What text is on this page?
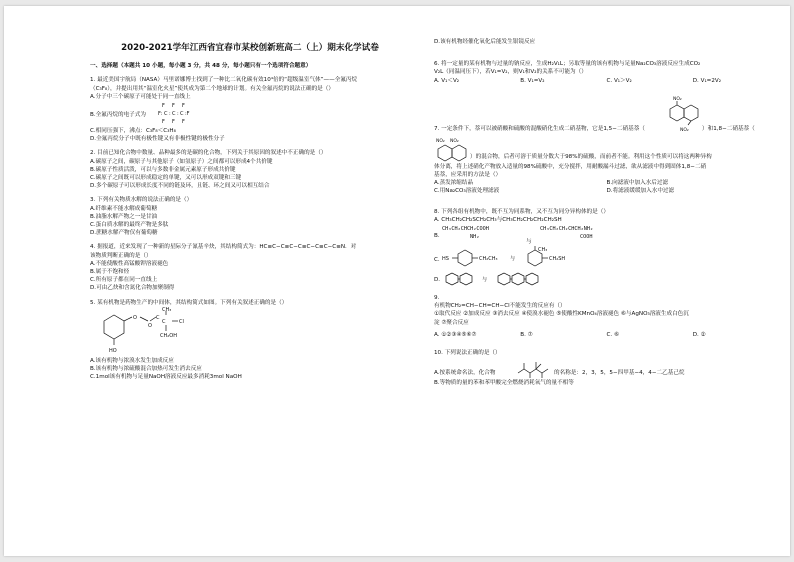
2020-2021学年江西省宜春市某校创新班高二（上）期末化学试卷

一、选择题（本题共 10 小题，每小题 3 分，共 48 分，每小题只有一个选项符合题意）

1. 最近美国宇航局（NASA）马里诺娜博士找到了一种比二氧化碳有效10⁴倍的“超级温室气体”——全氟丙烷

（C₃F₈），并提出用其“温室化火星”使其成为第二个地球的计划。有关全氟丙烷的说法正确的是（）

A.分子中三个碳原子可能处于同一直线上

B.全氟丙烷的电子式为
F F F
F: C : C : C :F
F F F

C.相同压强下，沸点：C₃F₈＜C₃H₈

D.全氟丙烷分子中既有极性键又有非极性键的极性分子

2. 目前已知化合物中数量、品种最多的是碳的化合物，下列关于其原因的叙述中不正确的是（）

A.碳原子之间，碳原子与其他原子（如氢原子）之间都可以形成4个共价键

B.碳原子性质活泼，可以与多数非金属元素原子形成共价键

C.碳原子之间既可以形成稳定的单键，又可以形成双键和三键

D.多个碳原子可以形成长度不同的链及环，且链、环之间又可以相互结合

3. 下列有关物质水解的说法正确的是（）

A.纤维素不能水解成葡萄糖

B.油脂水解产物之一是甘油

C.蛋白质水解的最终产物是多肽

D.蔗糖水解产物仅有葡萄糖

4. 据报道，近来发现了一种新的星际分子氰基辛炔，其结构简式为：HC≡C−C≡C−C≡C−C≡C−C≡N．对

该物质判断正确的是（）

A.不能使酸性高锰酸钾溶液褪色

B.属于不饱和烃

C.所有原子都在同一直线上

D.可由乙炔和含氮化合物加聚制得

5. 某有机物是药物生产的中间体，其结构简式如图。下列有关叙述正确的是（）

O	C
O
CH₃
C	Cl
CH₂OH
HO

A.该有机物与浓溴水发生加成反应

B.该有机物与浓硫酸混合加热可发生消去反应

C.1mol该有机物与足量NaOH溶液反应最多消耗3mol NaOH

D.该有机物经催化氧化后能发生银镜反应

6. 将一定量的某有机物与过量的钠反应，生成H₂V₁L；另取等量的该有机物与足量Na₂CO₃溶液反应生成CO₂

V₂L（同温同压下），若V₁=V₂，则V₁和V₂的关系不可能为（）

A. V₁＜V₂	B. V₁=V₂	C. V₁＞V₂	D. V₁=2V₂
7. 一定条件下，萘可以被硝酸和硫酸的混酸硝化生成二硝基物，它是1,5−二硝基萘（
NO₂
NO₂ ）和1,8−二硝基萘（
NO₂ NO₂
）的混合物，后者可溶于质量分数大于98%的硫酸，而前者不能。利用这个性质可以将这两种异构

体分离，将上述硝化产物放入适量的98%硫酸中，充分搅拌，用耐酸漏斗过滤，欲从滤液中得到固体1,8−二硝

基萘，应采用的方法是（）

A.蒸发浓缩结晶	B.向滤液中加入水后过滤
C.用Na₂CO₃溶液处理滤液	D.将滤液缓缓加入水中过滤

8. 下列各组有机物中，既不互为同系物，又不互为同分异构体的是（）

A. CH₃CH₂CH₂SCH₂CH₃与CH₃CH₂CH₂CH₂CH₂SH

B.
CH₃CH₂CHCH₂COOH
NH₂
与
CH₃CH₂CH₂CHCH₂NH₂
COOH
C. HS	CH₂CH₃ 与
CH₃
CH₂SH
D.	与

9.

有机物CH₂=CH−CH=CH−Cl不能发生的反应有（）

①取代反应 ②加成反应 ③消去反应 ④使溴水褪色 ⑤使酸性KMnO₄溶液褪色 ⑥与AgNO₃溶液生成白色沉

淀 ⑦聚合反应

A. ①②③④⑤⑥⑦	B. ⑦	C. ⑥	D. ②

10. 下列说法正确的是（）

A.按系统命名法，化合物	的名称是：2，3，5，5−四甲基−4，4−二乙基己烷

B.等物质的量的苯和苯甲酸完全燃烧消耗氧气的量不相等
